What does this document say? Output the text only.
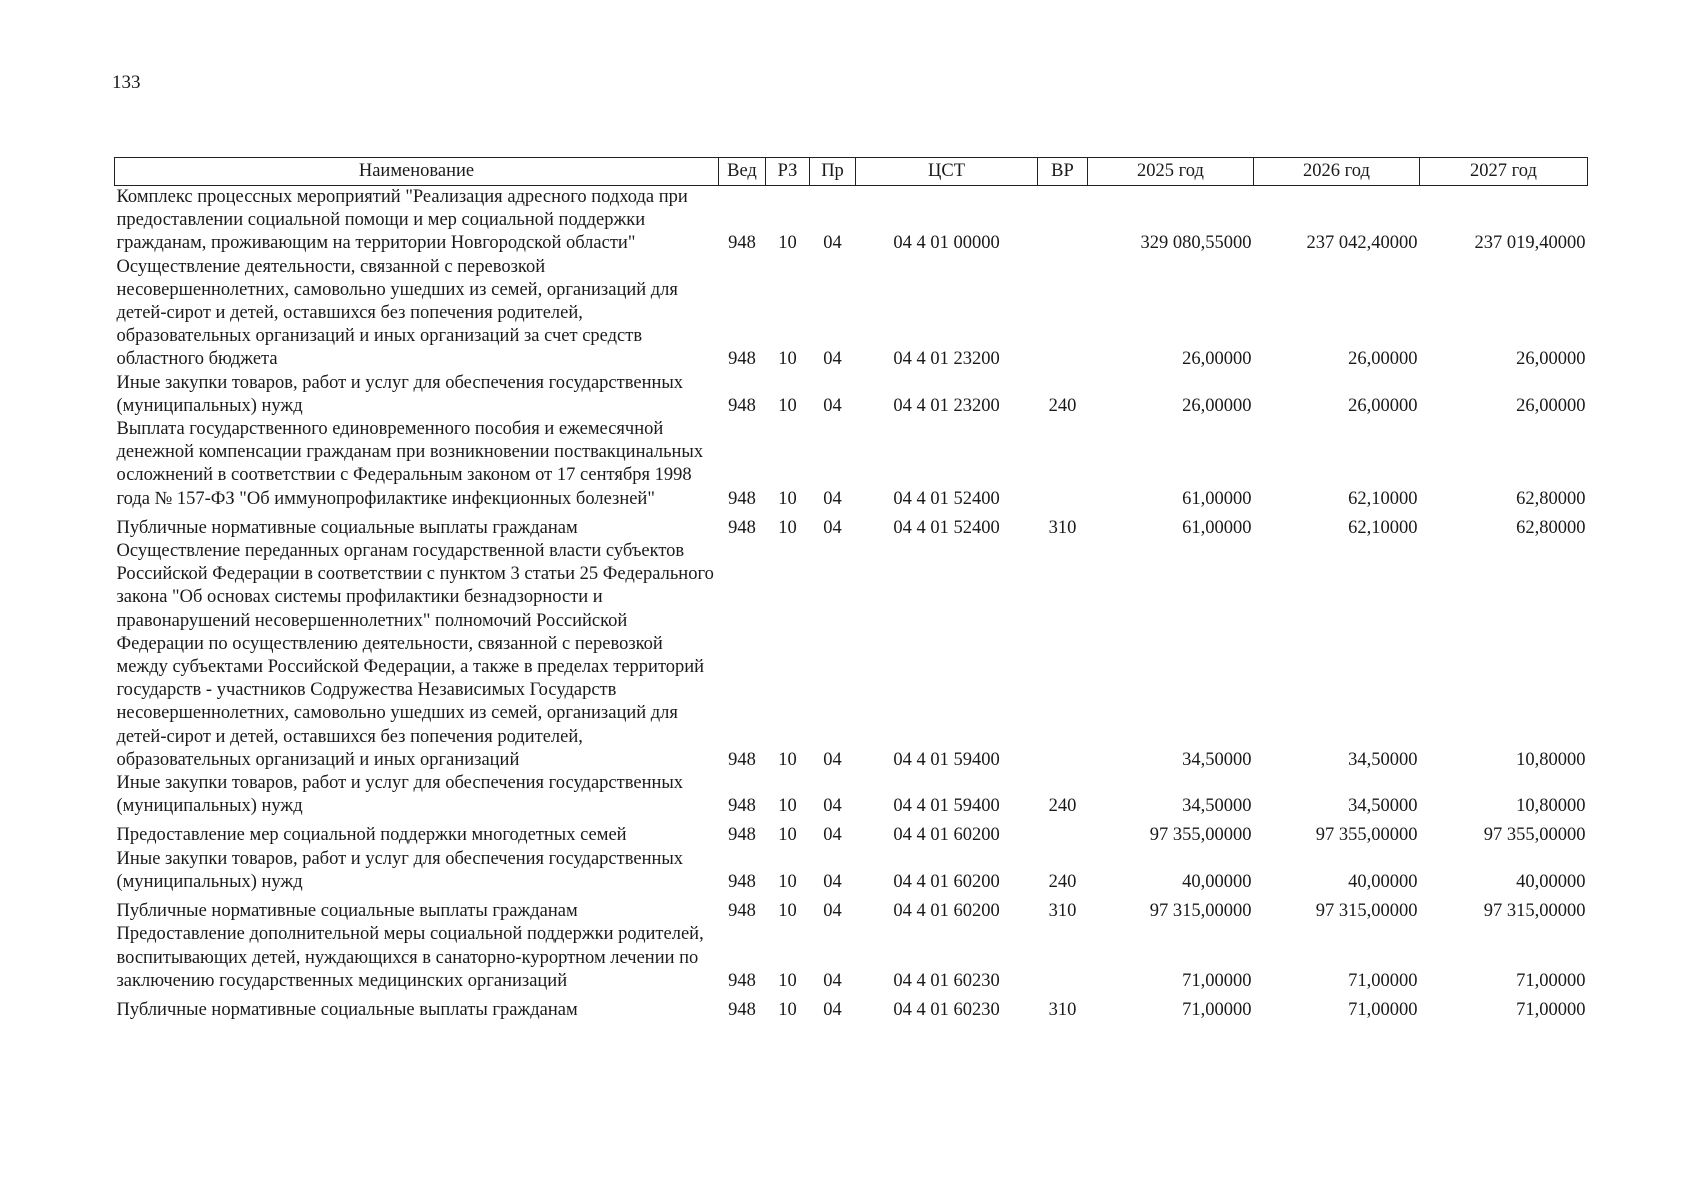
133
Наименование	Вед	РЗ	Пр	ЦСТ	ВР	2025 год	2026 год	2027 год
Комплекс процессных мероприятий "Реализация адресного подхода при предоставлении социальной помощи и мер социальной поддержки гражданам, проживающим на территории Новгородской области"	948	10	04	04 4 01 00000		329 080,55000	237 042,40000	237 019,40000
Осуществление деятельности, связанной с перевозкой несовершеннолетних, самовольно ушедших из семей, организаций для детей-сирот и детей, оставшихся без попечения родителей, образовательных организаций и иных организаций за счет средств областного бюджета	948	10	04	04 4 01 23200		26,00000	26,00000	26,00000
Иные закупки товаров, работ и услуг для обеспечения государственных (муниципальных) нужд	948	10	04	04 4 01 23200	240	26,00000	26,00000	26,00000
Выплата государственного единовременного пособия и ежемесячной денежной компенсации гражданам при возникновении поствакцинальных осложнений в соответствии с Федеральным законом от 17 сентября 1998 года № 157-ФЗ "Об иммунопрофилактике инфекционных болезней"	948	10	04	04 4 01 52400		61,00000	62,10000	62,80000
Публичные нормативные социальные выплаты гражданам	948	10	04	04 4 01 52400	310	61,00000	62,10000	62,80000
Осуществление переданных органам государственной власти субъектов Российской Федерации в соответствии с пунктом 3 статьи 25 Федерального закона "Об основах системы профилактики безнадзорности и правонарушений несовершеннолетних" полномочий Российской Федерации по осуществлению деятельности, связанной с перевозкой между субъектами Российской Федерации, а также в пределах территорий государств - участников Содружества Независимых Государств несовершеннолетних, самовольно ушедших из семей, организаций для детей-сирот и детей, оставшихся без попечения родителей, образовательных организаций и иных организаций	948	10	04	04 4 01 59400		34,50000	34,50000	10,80000
Иные закупки товаров, работ и услуг для обеспечения государственных (муниципальных) нужд	948	10	04	04 4 01 59400	240	34,50000	34,50000	10,80000
Предоставление мер социальной поддержки многодетных семей	948	10	04	04 4 01 60200		97 355,00000	97 355,00000	97 355,00000
Иные закупки товаров, работ и услуг для обеспечения государственных (муниципальных) нужд	948	10	04	04 4 01 60200	240	40,00000	40,00000	40,00000
Публичные нормативные социальные выплаты гражданам	948	10	04	04 4 01 60200	310	97 315,00000	97 315,00000	97 315,00000
Предоставление дополнительной меры социальной поддержки родителей, воспитывающих детей, нуждающихся в санаторно-курортном лечении по заключению государственных медицинских организаций	948	10	04	04 4 01 60230		71,00000	71,00000	71,00000
Публичные нормативные социальные выплаты гражданам	948	10	04	04 4 01 60230	310	71,00000	71,00000	71,00000
